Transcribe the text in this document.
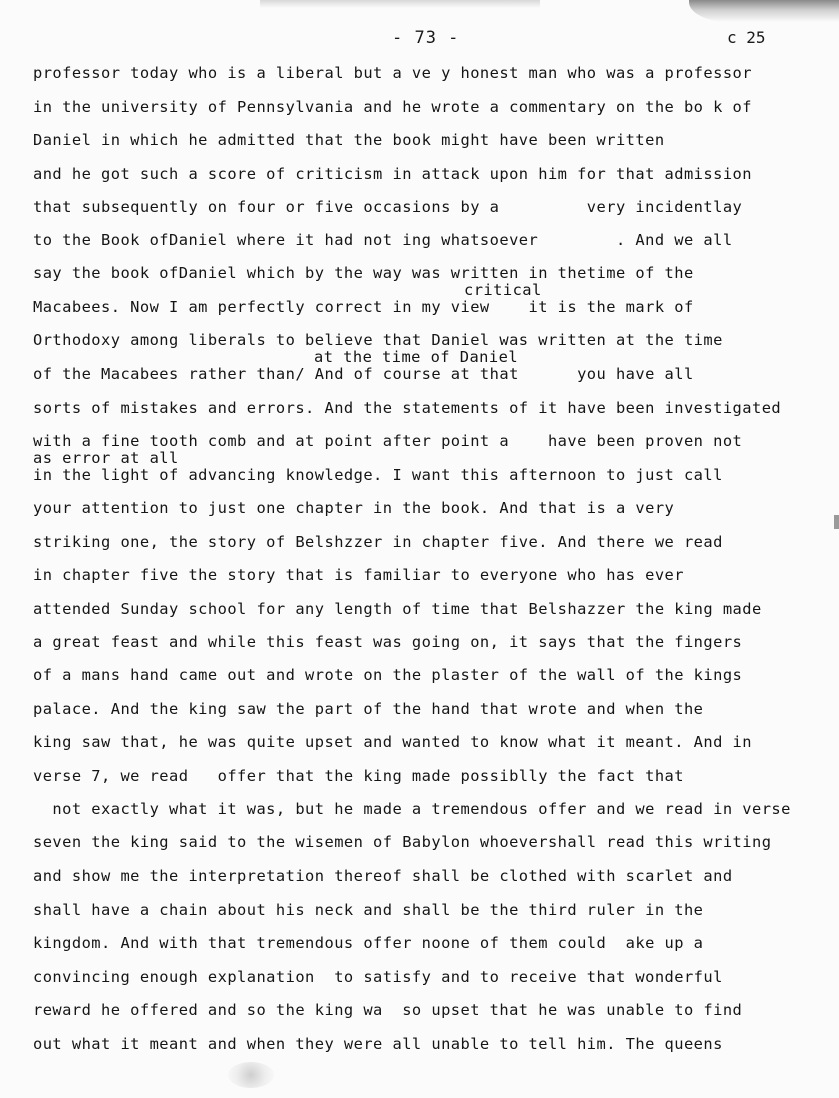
- 73 -	c 25
professor today who is a liberal but a ve y honest man who was a professor
in the university of Pennsylvania and he wrote a commentary on the bo k of
Daniel in which he admitted that the book might have been written
and he got such a score of criticism in attack upon him for that admission
that subsequently on four or five occasions by a         very incidentlay
to the Book ofDaniel where it had not ing whatsoever        . And we all
say the book ofDaniel which by the way was written in thetime of the
critical
Macabees. Now I am perfectly correct in my view    it is the mark of
Orthodoxy among liberals to believe that Daniel was written at the time
at the time of Daniel
of the Macabees rather than/ And of course at that      you have all
sorts of mistakes and errors. And the statements of it have been investigated
with a fine tooth comb and at point after point a    have been proven not
as error at all
in the light of advancing knowledge. I want this afternoon to just call
your attention to just one chapter in the book. And that is a very
striking one, the story of Belshzzer in chapter five. And there we read
in chapter five the story that is familiar to everyone who has ever
attended Sunday school for any length of time that Belshazzer the king made
a great feast and while this feast was going on, it says that the fingers
of a mans hand came out and wrote on the plaster of the wall of the kings
palace. And the king saw the part of the hand that wrote and when the
king saw that, he was quite upset and wanted to know what it meant. And in
verse 7, we read   offer that the king made possiblly the fact that
not exactly what it was, but he made a tremendous offer and we read in verse
seven the king said to the wisemen of Babylon whoevershall read this writing
and show me the interpretation thereof shall be clothed with scarlet and
shall have a chain about his neck and shall be the third ruler in the
kingdom. And with that tremendous offer noone of them could  ake up a
convincing enough explanation  to satisfy and to receive that wonderful
reward he offered and so the king wa  so upset that he was unable to find
out what it meant and when they were all unable to tell him. The queens
